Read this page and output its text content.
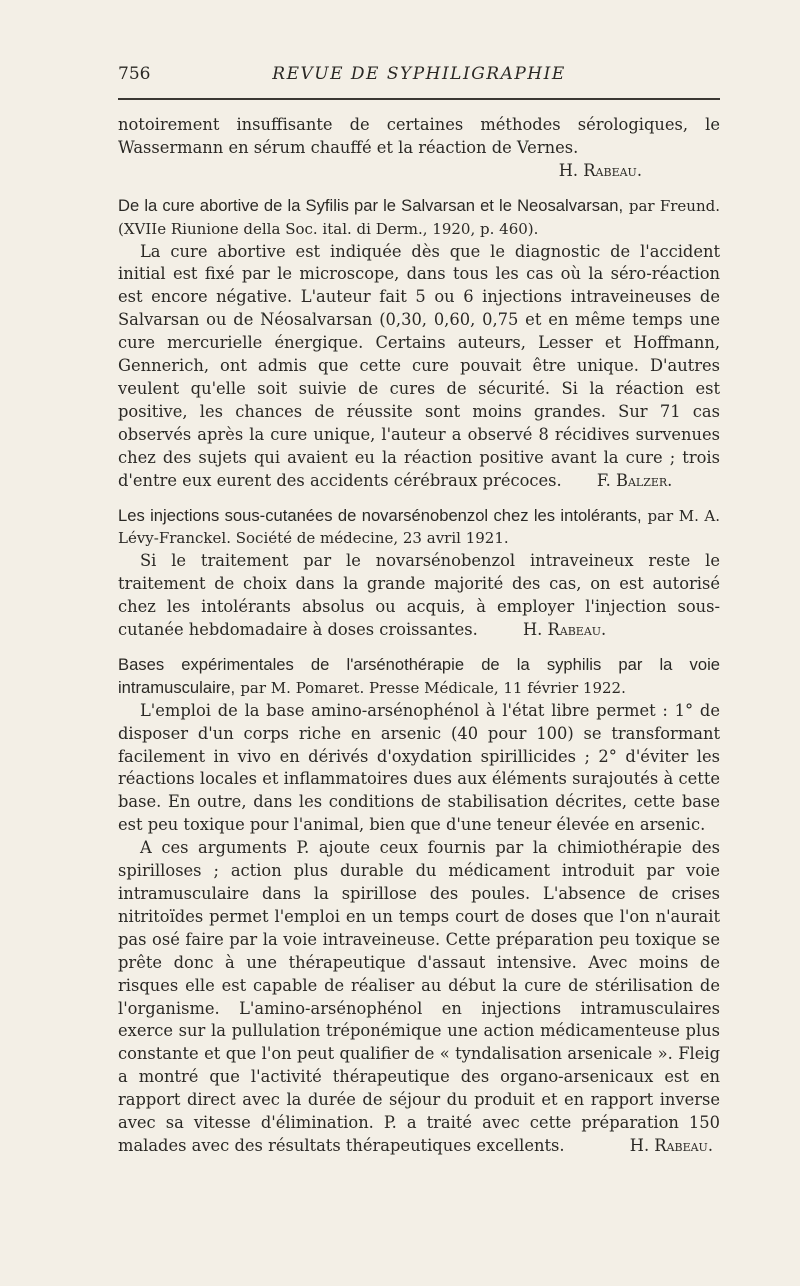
756	REVUE DE SYPHILIGRAPHIE

notoirement insuffisante de certaines méthodes sérologiques, le Wassermann en sérum chauffé et la réaction de Vernes.

H. Rabeau.

De la cure abortive de la Syfilis par le Salvarsan et le Neosalvarsan, par Freund. (XVIIe Riunione della Soc. ital. di Derm., 1920, p. 460).

La cure abortive est indiquée dès que le diagnostic de l'accident initial est fixé par le microscope, dans tous les cas où la séro-réaction est encore négative. L'auteur fait 5 ou 6 injections intraveineuses de Salvarsan ou de Néosalvarsan (0,30, 0,60, 0,75 et en même temps une cure mercurielle énergique. Certains auteurs, Lesser et Hoffmann, Gennerich, ont admis que cette cure pouvait être unique. D'autres veulent qu'elle soit suivie de cures de sécurité. Si la réaction est positive, les chances de réussite sont moins grandes. Sur 71 cas observés après la cure unique, l'auteur a observé 8 récidives survenues chez des sujets qui avaient eu la réaction positive avant la cure ; trois d'entre eux eurent des accidents cérébraux précoces. F. Balzer.

Les injections sous-cutanées de novarsénobenzol chez les intolérants, par M. A. Lévy-Franckel. Société de médecine, 23 avril 1921.

Si le traitement par le novarsénobenzol intraveineux reste le traitement de choix dans la grande majorité des cas, on est autorisé chez les intolérants absolus ou acquis, à employer l'injection sous-cutanée hebdomadaire à doses croissantes.	H. Rabeau.

Bases expérimentales de l'arsénothérapie de la syphilis par la voie intramusculaire, par M. Pomaret. Presse Médicale, 11 février 1922.

L'emploi de la base amino-arsénophénol à l'état libre permet : 1° de disposer d'un corps riche en arsenic (40 pour 100) se transformant facilement in vivo en dérivés d'oxydation spirillicides ; 2° d'éviter les réactions locales et inflammatoires dues aux éléments surajoutés à cette base. En outre, dans les conditions de stabilisation décrites, cette base est peu toxique pour l'animal, bien que d'une teneur élevée en arsenic.

A ces arguments P. ajoute ceux fournis par la chimiothérapie des spirilloses ; action plus durable du médicament introduit par voie intramusculaire dans la spirillose des poules. L'absence de crises nitritoïdes permet l'emploi en un temps court de doses que l'on n'aurait pas osé faire par la voie intraveineuse. Cette préparation peu toxique se prête donc à une thérapeutique d'assaut intensive. Avec moins de risques elle est capable de réaliser au début la cure de stérilisation de l'organisme. L'amino-arsénophénol en injections intramusculaires exerce sur la pullulation tréponémique une action médicamenteuse plus constante et que l'on peut qualifier de « tyndalisation arsenicale ». Fleig a montré que l'activité thérapeutique des organo-arsenicaux est en rapport direct avec la durée de séjour du produit et en rapport inverse avec sa vitesse d'élimination. P. a traité avec cette préparation 150 malades avec des résultats thérapeutiques excellents.	H. Rabeau.
